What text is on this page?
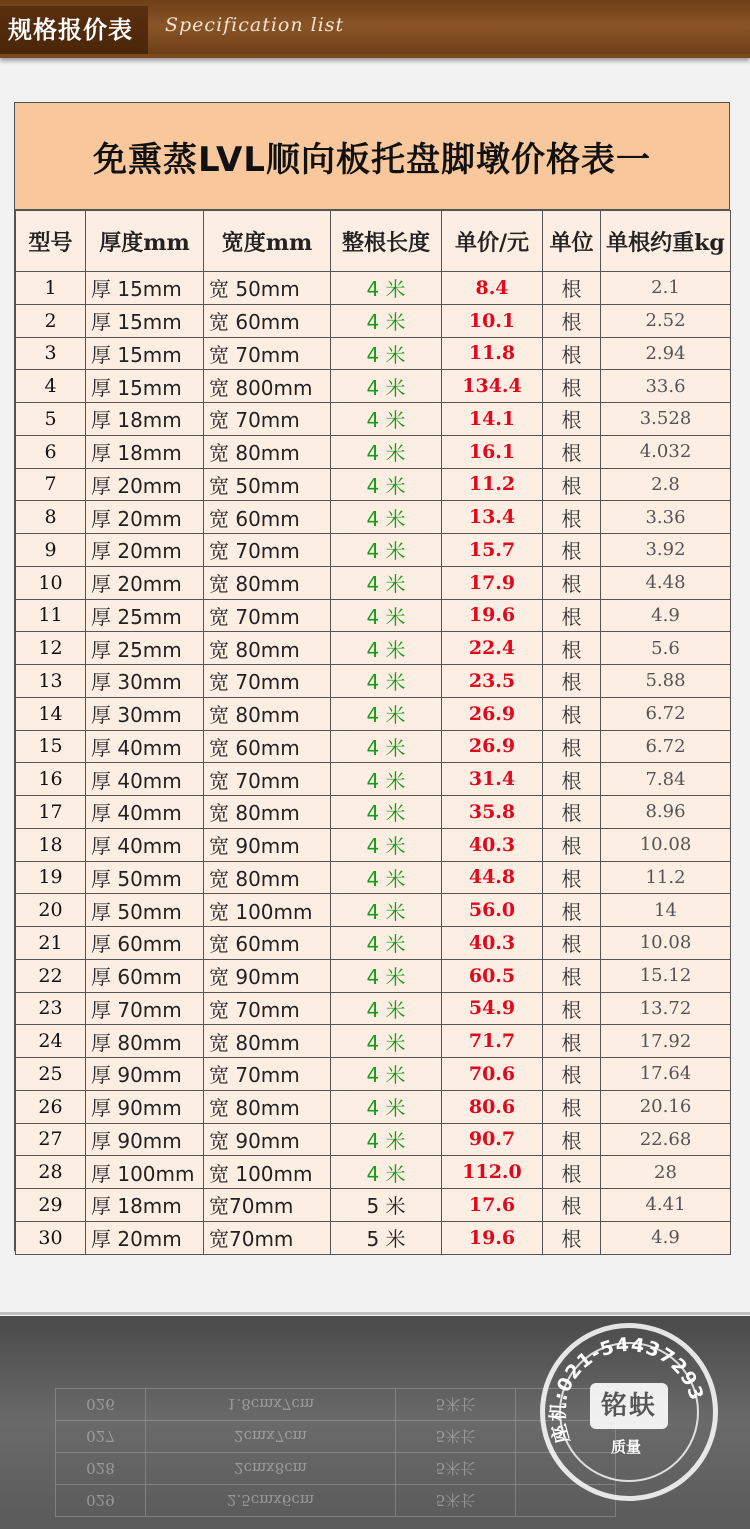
规格报价表	Specification list
免熏蒸LVL顺向板托盘脚墩价格表一
型号	厚度mm	宽度mm	整根长度	单价/元	单位	单根约重kg
1	厚 15mm	宽 50mm	4 米	8.4	根	2.1
2	厚 15mm	宽 60mm	4 米	10.1	根	2.52
3	厚 15mm	宽 70mm	4 米	11.8	根	2.94
4	厚 15mm	宽 800mm	4 米	134.4	根	33.6
5	厚 18mm	宽 70mm	4 米	14.1	根	3.528
6	厚 18mm	宽 80mm	4 米	16.1	根	4.032
7	厚 20mm	宽 50mm	4 米	11.2	根	2.8
8	厚 20mm	宽 60mm	4 米	13.4	根	3.36
9	厚 20mm	宽 70mm	4 米	15.7	根	3.92
10	厚 20mm	宽 80mm	4 米	17.9	根	4.48
11	厚 25mm	宽 70mm	4 米	19.6	根	4.9
12	厚 25mm	宽 80mm	4 米	22.4	根	5.6
13	厚 30mm	宽 70mm	4 米	23.5	根	5.88
14	厚 30mm	宽 80mm	4 米	26.9	根	6.72
15	厚 40mm	宽 60mm	4 米	26.9	根	6.72
16	厚 40mm	宽 70mm	4 米	31.4	根	7.84
17	厚 40mm	宽 80mm	4 米	35.8	根	8.96
18	厚 40mm	宽 90mm	4 米	40.3	根	10.08
19	厚 50mm	宽 80mm	4 米	44.8	根	11.2
20	厚 50mm	宽 100mm	4 米	56.0	根	14
21	厚 60mm	宽 60mm	4 米	40.3	根	10.08
22	厚 60mm	宽 90mm	4 米	60.5	根	15.12
23	厚 70mm	宽 70mm	4 米	54.9	根	13.72
24	厚 80mm	宽 80mm	4 米	71.7	根	17.92
25	厚 90mm	宽 70mm	4 米	70.6	根	17.64
26	厚 90mm	宽 80mm	4 米	80.6	根	20.16
27	厚 90mm	宽 90mm	4 米	90.7	根	22.68
28	厚 100mm	宽 100mm	4 米	112.0	根	28
29	厚 18mm	宽70mm	5 米	17.6	根	4.41
30	厚 20mm	宽70mm	5 米	19.6	根	4.9
029	2.5cmx6cm	5米长	
028	2cmx8cm	5米长	
027	2cmx7cm	5米长	
026	1.8cmx7cm	5米长	
座机:021-54437293
铭蚨
质量
